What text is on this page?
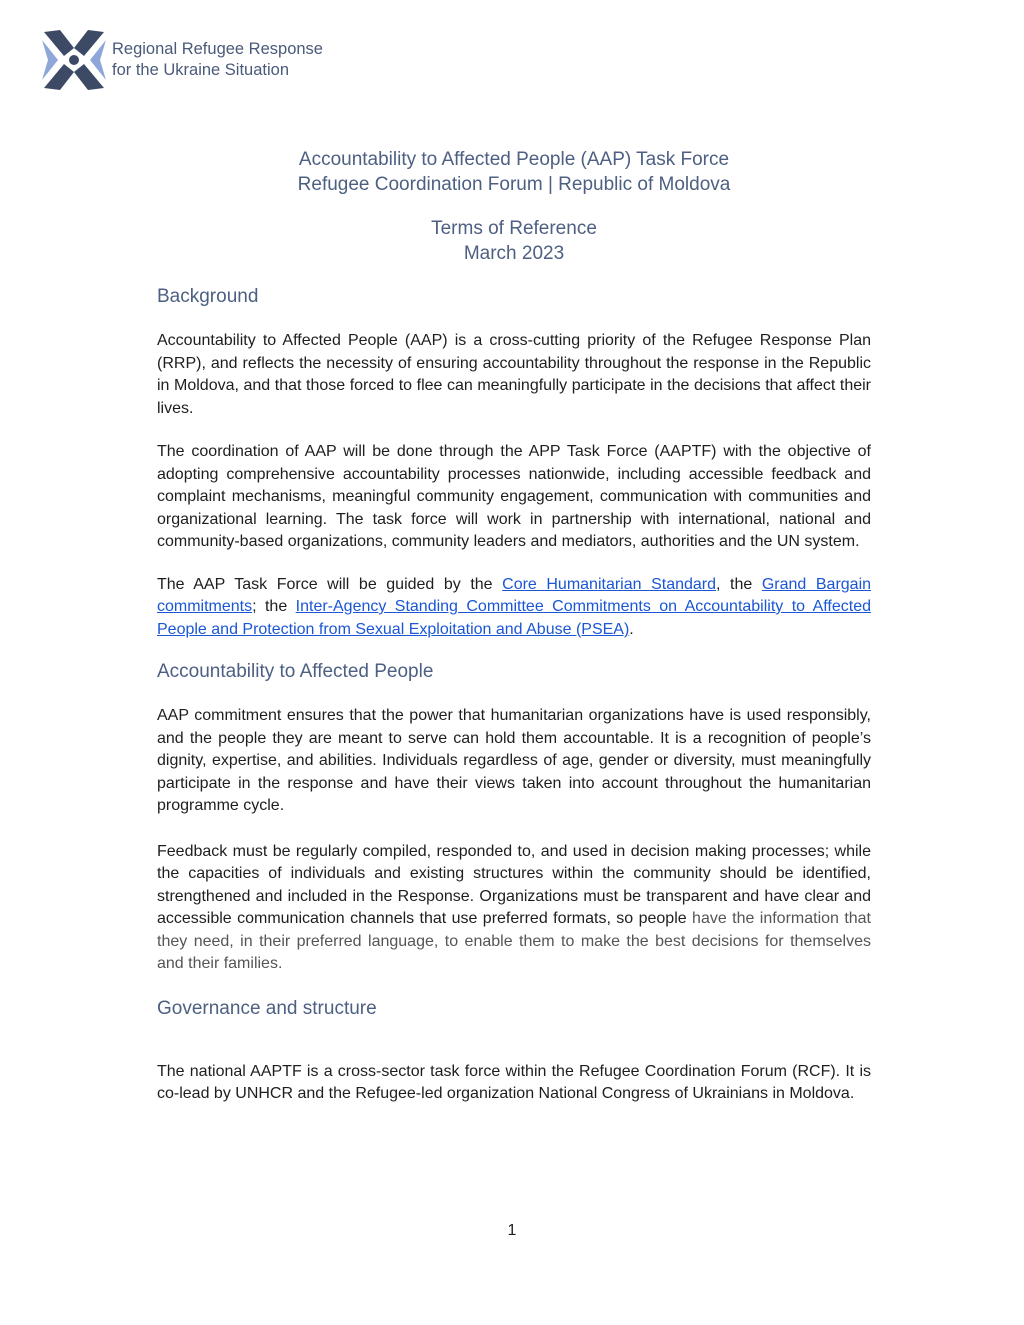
Regional Refugee Response
for the Ukraine Situation

Accountability to Affected People (AAP) Task Force

Refugee Coordination Forum | Republic of Moldova

Terms of Reference

March 2023

Background

Accountability to Affected People (AAP) is a cross-cutting priority of the Refugee Response Plan (RRP), and reflects the necessity of ensuring accountability throughout the response in the Republic in Moldova, and that those forced to flee can meaningfully participate in the decisions that affect their lives.

The coordination of AAP will be done through the APP Task Force (AAPTF) with the objective of adopting comprehensive accountability processes nationwide, including accessible feedback and complaint mechanisms, meaningful community engagement, communication with communities and organizational learning. The task force will work in partnership with international, national and community-based organizations, community leaders and mediators, authorities and the UN system.

The AAP Task Force will be guided by the Core Humanitarian Standard, the Grand Bargain commitments; the Inter-Agency Standing Committee Commitments on Accountability to Affected People and Protection from Sexual Exploitation and Abuse (PSEA).

Accountability to Affected People

AAP commitment ensures that the power that humanitarian organizations have is used responsibly, and the people they are meant to serve can hold them accountable. It is a recognition of people’s dignity, expertise, and abilities. Individuals regardless of age, gender or diversity, must meaningfully participate in the response and have their views taken into account throughout the humanitarian programme cycle.

Feedback must be regularly compiled, responded to, and used in decision making processes; while the capacities of individuals and existing structures within the community should be identified, strengthened and included in the Response. Organizations must be transparent and have clear and accessible communication channels that use preferred formats, so people have the information that they need, in their preferred language, to enable them to make the best decisions for themselves and their families.

Governance and structure

The national AAPTF is a cross-sector task force within the Refugee Coordination Forum (RCF). It is co-lead by UNHCR and the Refugee-led organization National Congress of Ukrainians in Moldova.

1
